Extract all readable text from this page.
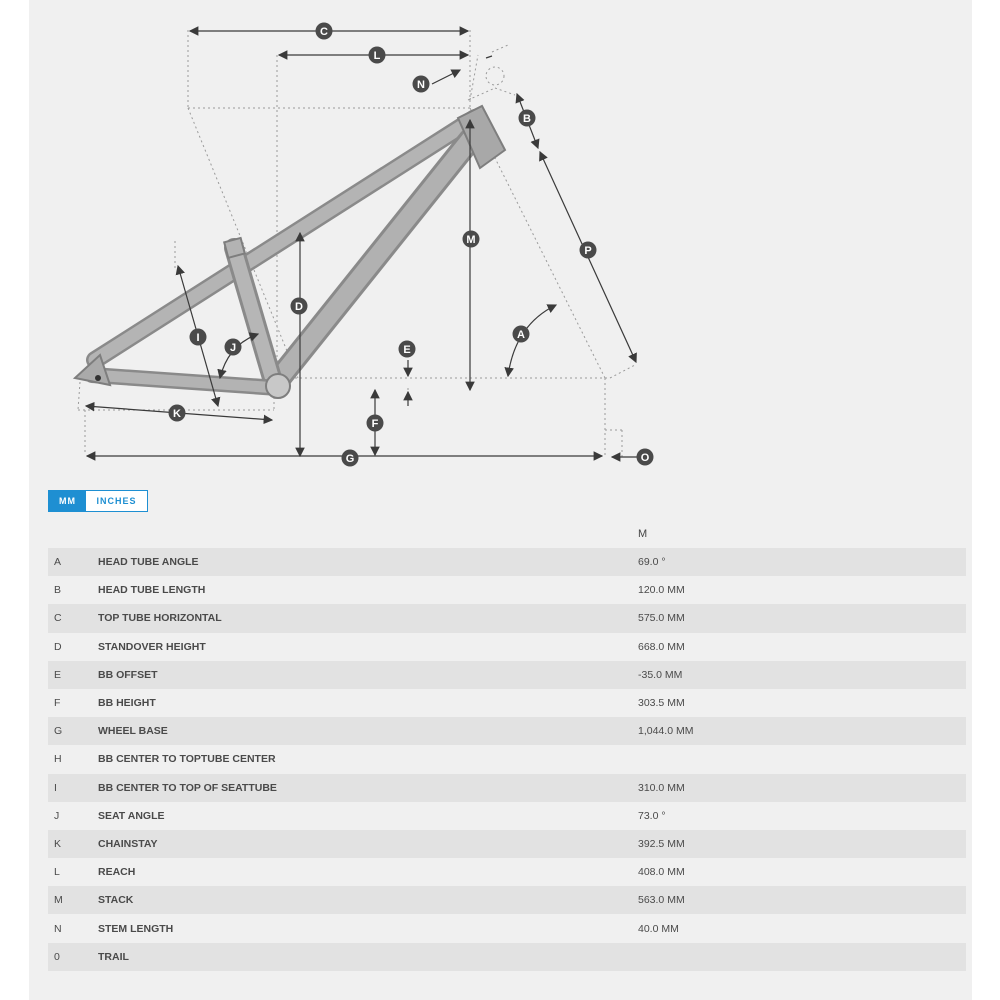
C
L
N
B
M
P
D
A
I
J	E
K
F
G	O
MM	INCHES
M
A	HEAD TUBE ANGLE	69.0 °
B	HEAD TUBE LENGTH	120.0 MM
C	TOP TUBE HORIZONTAL	575.0 MM
D	STANDOVER HEIGHT	668.0 MM
E	BB OFFSET	-35.0 MM
F	BB HEIGHT	303.5 MM
G	WHEEL BASE	1,044.0 MM
H	BB CENTER TO TOPTUBE CENTER
I	BB CENTER TO TOP OF SEATTUBE	310.0 MM
J	SEAT ANGLE	73.0 °
K	CHAINSTAY	392.5 MM
L	REACH	408.0 MM
M	STACK	563.0 MM
N	STEM LENGTH	40.0 MM
0	TRAIL
